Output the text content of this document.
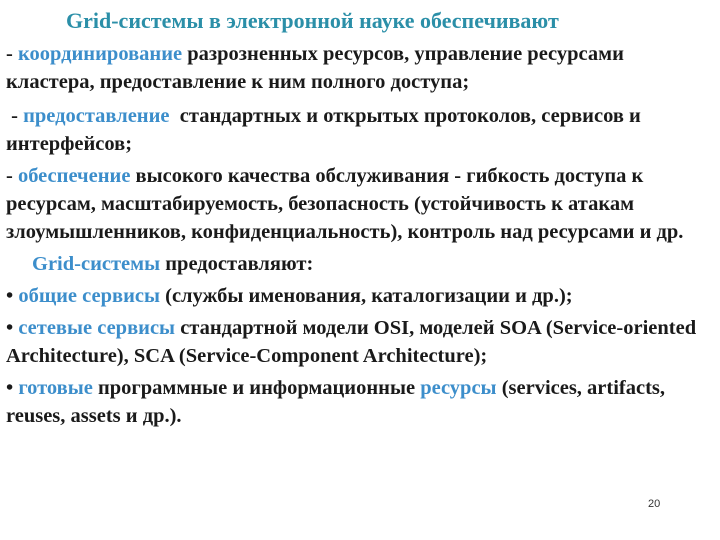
Grid-системы в электронной науке обеспечивают

- координирование разрозненных ресурсов, управление ресурсами кластера, предоставление к ним полного доступа;

- предоставление  стандартных и открытых протоколов, сервисов и интерфейсов;

- обеспечение высокого качества обслуживания - гибкость доступа к ресурсам, масштабируемость, безопасность (устойчивость к атакам злоумышленников, конфиденциальность), контроль над ресурсами и др.

Grid-системы предоставляют:

• общие сервисы (службы именования, каталогизации и др.);

• сетевые сервисы стандартной модели OSI, моделей SOA (Service-oriented Architecture), SCA (Service-Component Architecture);

• готовые программные и информационные ресурсы (services, artifacts, reuses, assets и др.).

20
